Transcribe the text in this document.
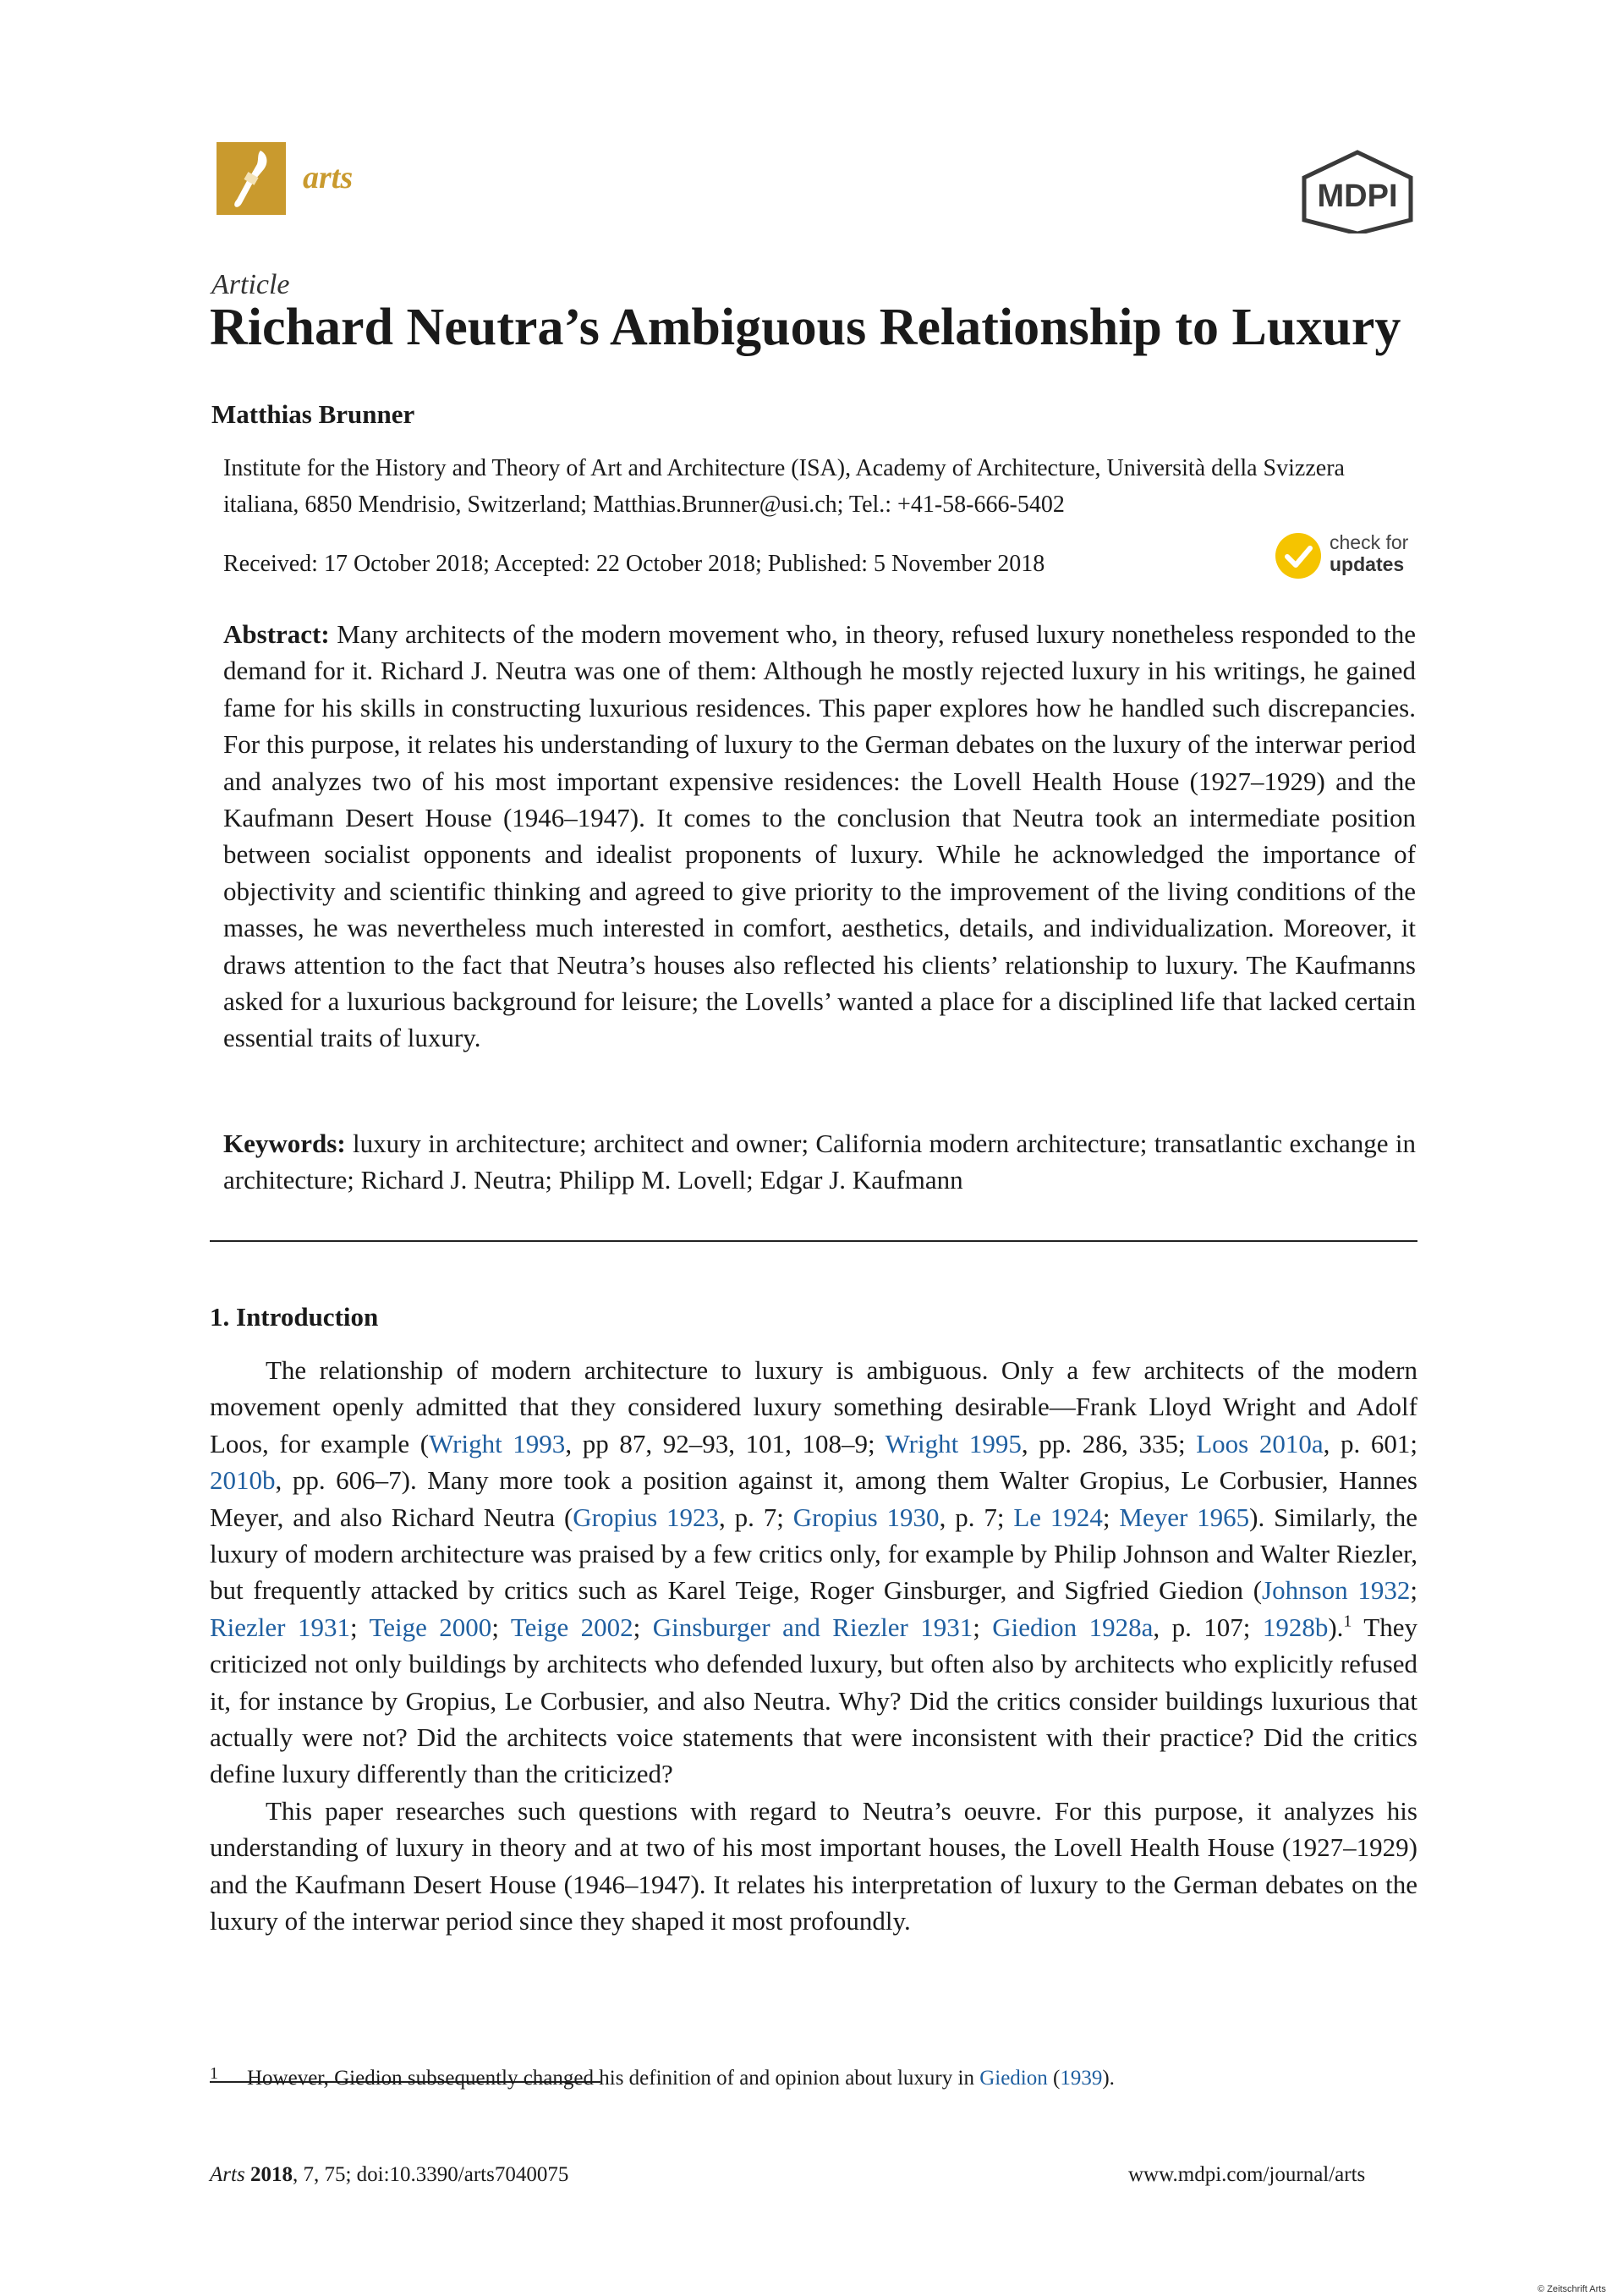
arts
MDPI
Article
Richard Neutra’s Ambiguous Relationship to Luxury
Matthias Brunner
Institute for the History and Theory of Art and Architecture (ISA), Academy of Architecture, Università della Svizzera italiana, 6850 Mendrisio, Switzerland; Matthias.Brunner@usi.ch; Tel.: +41-58-666-5402
Received: 17 October 2018; Accepted: 22 October 2018; Published: 5 November 2018
check for
updates
Abstract: Many architects of the modern movement who, in theory, refused luxury nonetheless responded to the demand for it. Richard J. Neutra was one of them: Although he mostly rejected luxury in his writings, he gained fame for his skills in constructing luxurious residences. This paper explores how he handled such discrepancies. For this purpose, it relates his understanding of luxury to the German debates on the luxury of the interwar period and analyzes two of his most important expensive residences: the Lovell Health House (1927–1929) and the Kaufmann Desert House (1946–1947). It comes to the conclusion that Neutra took an intermediate position between socialist opponents and idealist proponents of luxury. While he acknowledged the importance of objectivity and scientific thinking and agreed to give priority to the improvement of the living conditions of the masses, he was nevertheless much interested in comfort, aesthetics, details, and individualization. Moreover, it draws attention to the fact that Neutra’s houses also reflected his clients’ relationship to luxury. The Kaufmanns asked for a luxurious background for leisure; the Lovells’ wanted a place for a disciplined life that lacked certain essential traits of luxury.
Keywords: luxury in architecture; architect and owner; California modern architecture; transatlantic exchange in architecture; Richard J. Neutra; Philipp M. Lovell; Edgar J. Kaufmann
1. Introduction
The relationship of modern architecture to luxury is ambiguous. Only a few architects of the modern movement openly admitted that they considered luxury something desirable—Frank Lloyd Wright and Adolf Loos, for example (Wright 1993, pp 87, 92–93, 101, 108–9; Wright 1995, pp. 286, 335; Loos 2010a, p. 601; 2010b, pp. 606–7). Many more took a position against it, among them Walter Gropius, Le Corbusier, Hannes Meyer, and also Richard Neutra (Gropius 1923, p. 7; Gropius 1930, p. 7; Le 1924; Meyer 1965). Similarly, the luxury of modern architecture was praised by a few critics only, for example by Philip Johnson and Walter Riezler, but frequently attacked by critics such as Karel Teige, Roger Ginsburger, and Sigfried Giedion (Johnson 1932; Riezler 1931; Teige 2000; Teige 2002; Ginsburger and Riezler 1931; Giedion 1928a, p. 107; 1928b).$^1$ They criticized not only buildings by architects who defended luxury, but often also by architects who explicitly refused it, for instance by Gropius, Le Corbusier, and also Neutra. Why? Did the critics consider buildings luxurious that actually were not? Did the architects voice statements that were inconsistent with their practice? Did the critics define luxury differently than the criticized?
This paper researches such questions with regard to Neutra’s oeuvre. For this purpose, it analyzes his understanding of luxury in theory and at two of his most important houses, the Lovell Health House (1927–1929) and the Kaufmann Desert House (1946–1947). It relates his interpretation of luxury to the German debates on the luxury of the interwar period since they shaped it most profoundly.
1 However, Giedion subsequently changed his definition of and opinion about luxury in Giedion (1939).
Arts 2018, 7, 75; doi:10.3390/arts7040075	www.mdpi.com/journal/arts
© Zeitschrift Arts
